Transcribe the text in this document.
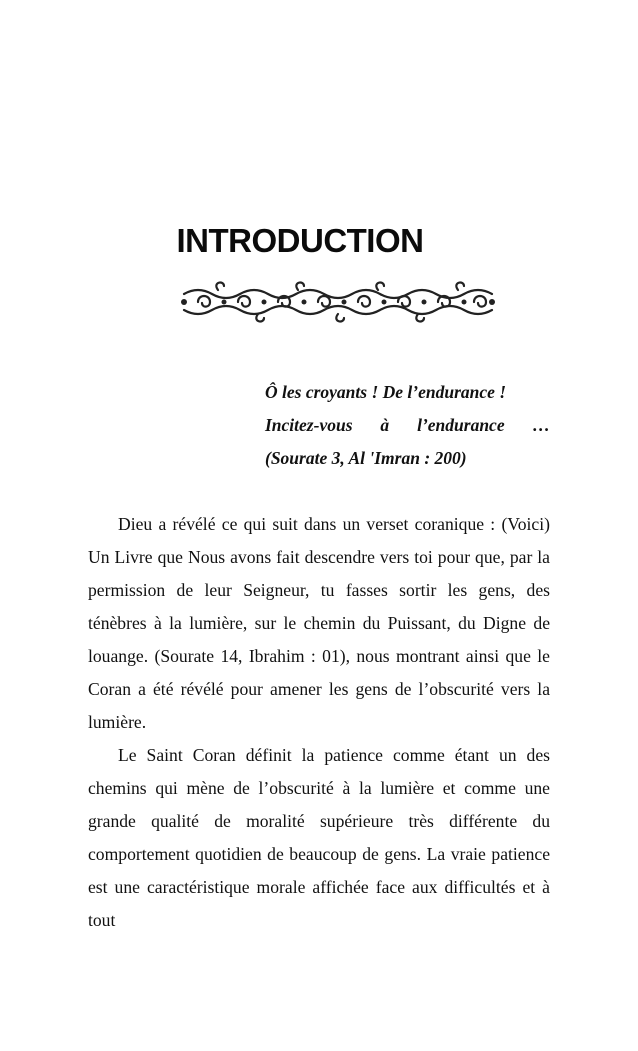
INTRODUCTION
Ô les croyants ! De l’endurance !
Incitez-vous à l’endurance …
(Sourate 3, Al 'Imran : 200)

Dieu a révélé ce qui suit dans un verset coranique : (Voici) Un Livre que Nous avons fait descendre vers toi pour que, par la permission de leur Seigneur, tu fasses sortir les gens, des ténèbres à la lumière, sur le chemin du Puissant, du Digne de louange. (Sourate 14, Ibrahim : 01), nous montrant ainsi que le Coran a été révélé pour amener les gens de l’obscurité vers la lumière.

Le Saint Coran définit la patience comme étant un des chemins qui mène de l’obscurité à la lumière et comme une grande qualité de moralité supérieure très différente du comportement quotidien de beaucoup de gens. La vraie patience est une caractéristique morale affichée face aux difficultés et à tout
